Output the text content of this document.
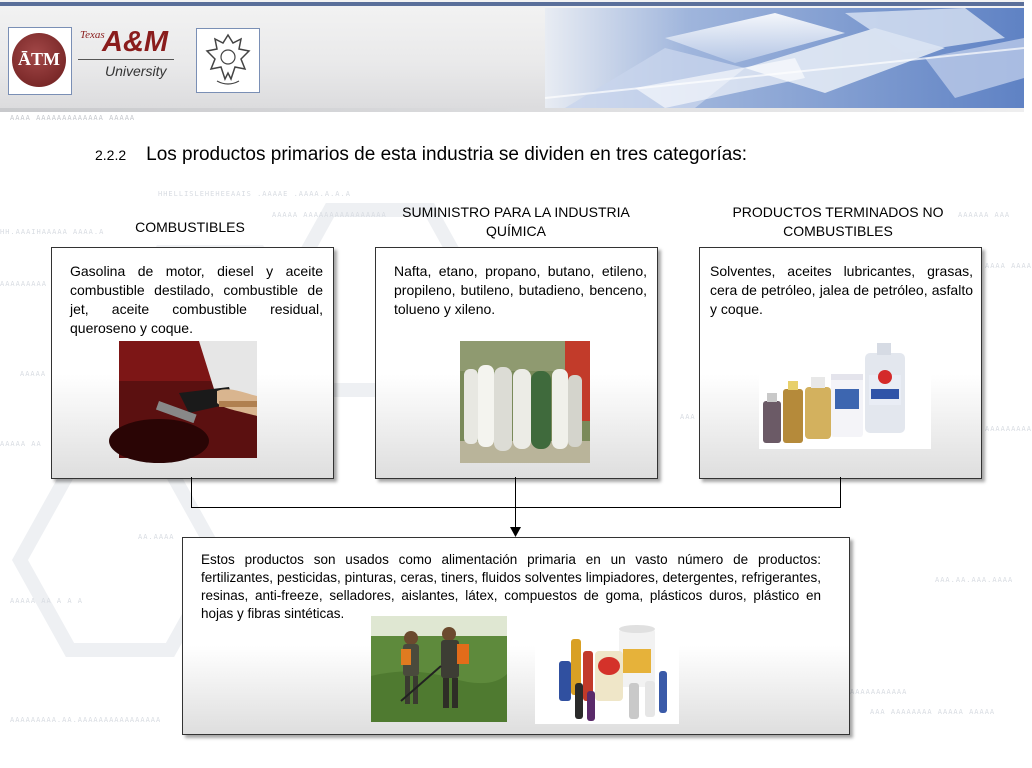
HHELLISLEHEHEEAAIS .AAAAE .AAAA.A.A.A
AAAAA AAAAAAAAAAAAAAAA
HH.AAAIHAAAAA AAAA.A
AAAAAAAAA
AAAAA
AAAAA AA
AAAAAA AAA
AAAA AAAA
AAAAAAAAA
AA.AAAA
AAAAA AA A A A
AAA.AA.AAA.AAAA
AAAAAAAAAAA
AAAAAAAAA.AA.AAAAAAAAAAAAAAAA
AAA AAAAAAAA AAAAA AAAAA
AAA
ĀTM
Texas
A&M
University
AAAA AAAAAAAAAAAAA AAAAA
2.2.2 Los productos primarios de esta industria se dividen en tres categorías:
COMBUSTIBLES
SUMINISTRO PARA LA INDUSTRIA QUÍMICA
PRODUCTOS TERMINADOS NO COMBUSTIBLES

Gasolina de motor, diesel y aceite combustible destilado, combustible de jet, aceite combustible residual, queroseno y coque.

Nafta, etano, propano, butano, etileno, propileno, butileno, butadieno, benceno, tolueno y xileno.

Solventes, aceites lubricantes, grasas, cera de petróleo, jalea de petróleo, asfalto y coque.

Estos productos son usados como alimentación primaria en un vasto número de productos: fertilizantes, pesticidas, pinturas, ceras, tiners, fluidos solventes limpiadores, detergentes, refrigerantes, resinas, anti-freeze, selladores, aislantes, látex, compuestos de goma, plásticos duros, plástico en hojas y fibras sintéticas.
